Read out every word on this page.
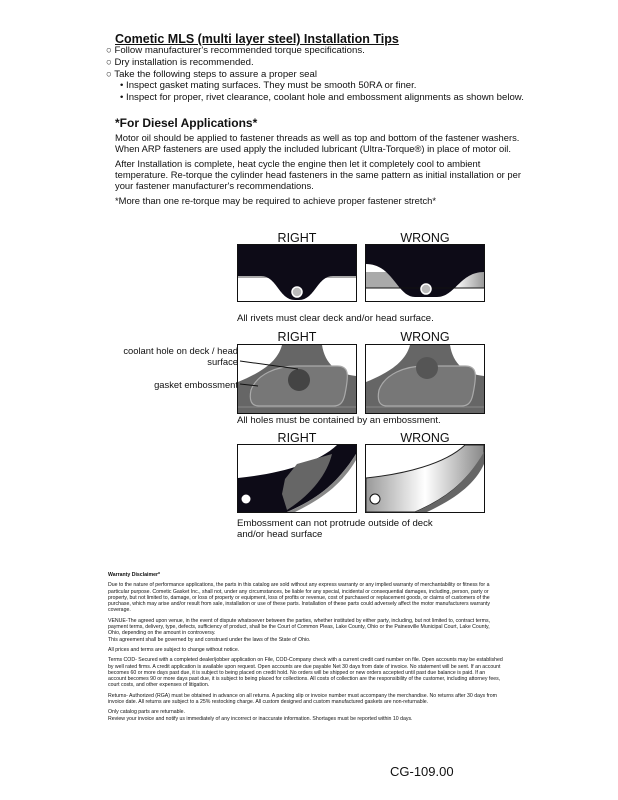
Cometic MLS (multi layer steel) Installation Tips
○ Follow manufacturer's recommended torque specifications.
○ Dry installation is recommended.
○ Take the following steps to assure a proper seal
• Inspect gasket mating surfaces. They must be smooth 50RA or finer.
• Inspect for proper, rivet clearance, coolant hole and embossment alignments as shown below.
*For Diesel Applications*

Motor oil should be applied to fastener threads as well as top and bottom of the fastener washers. When ARP fasteners are used apply the included lubricant (Ultra-Torque®) in place of motor oil.

After Installation is complete, heat cycle the engine then let it completely cool to ambient temperature. Re-torque the cylinder head fasteners in the same pattern as initial installation or per your fastener manufacturer's recommendations.

*More than one re-torque may be required to achieve proper fastener stretch*

RIGHT	WRONG
RIGHT	WRONG
RIGHT	WRONG
All rivets must clear deck and/or head surface.
coolant hole on deck / head surface
gasket embossment
All holes must be contained by an embossment.
Embossment can not protrude outside of deck and/or head surface

Warranty Disclaimer*

Due to the nature of performance applications, the parts in this catalog are sold without any express warranty or any implied warranty of merchantability or fitness for a particular purpose. Cometic Gasket Inc., shall not, under any circumstances, be liable for any special, incidental or consequential damages, including, person, party or property, but not limited to, damage, or loss of property or equipment, loss of profits or revenue, cost of purchased or replacement goods, or claims of customers of the purchase, which may arise and/or result from sale, installation or use of these parts. Installation of these parts could adversely affect the motor manufacturers warranty coverage.

VENUE-The agreed upon venue, in the event of dispute whatsoever between the parties, whether instituted by either party, including, but not limited to, contract terms, payment terms, delivery, type, defects, sufficiency of product, shall be the Court of Common Pleas, Lake County, Ohio or the Painesville Municipal Court, Lake County, Ohio, depending on the amount in controversy.
This agreement shall be governed by and construed under the laws of the State of Ohio.

All prices and terms are subject to change without notice.

Terms COD- Secured with a completed dealer/jobber application on File, COD-Company check with a current credit card number on file. Open accounts may be established by well rated firms. A credit application is available upon request. Open accounts are due payable Net 30 days from date of invoice. No statement will be sent. If an account becomes 60 or more days past due, it is subject to being placed on credit hold. No orders will be shipped or new orders accepted until past due balance is paid. If an account becomes 90 or more days past due, it is subject to being placed for collections. All costs of collection are the responsibility of the customer, including attorney fees, court costs, and other expenses of litigation.

Returns- Authorized (RGA) must be obtained in advance on all returns. A packing slip or invoice number must accompany the merchandise. No returns after 30 days from invoice date. All returns are subject to a 25% restocking charge. All custom designed and custom manufactured gaskets are non-returnable.

Only catalog parts are returnable.
Review your invoice and notify us immediately of any incorrect or inaccurate information. Shortages must be reported within 10 days.

CG-109.00
